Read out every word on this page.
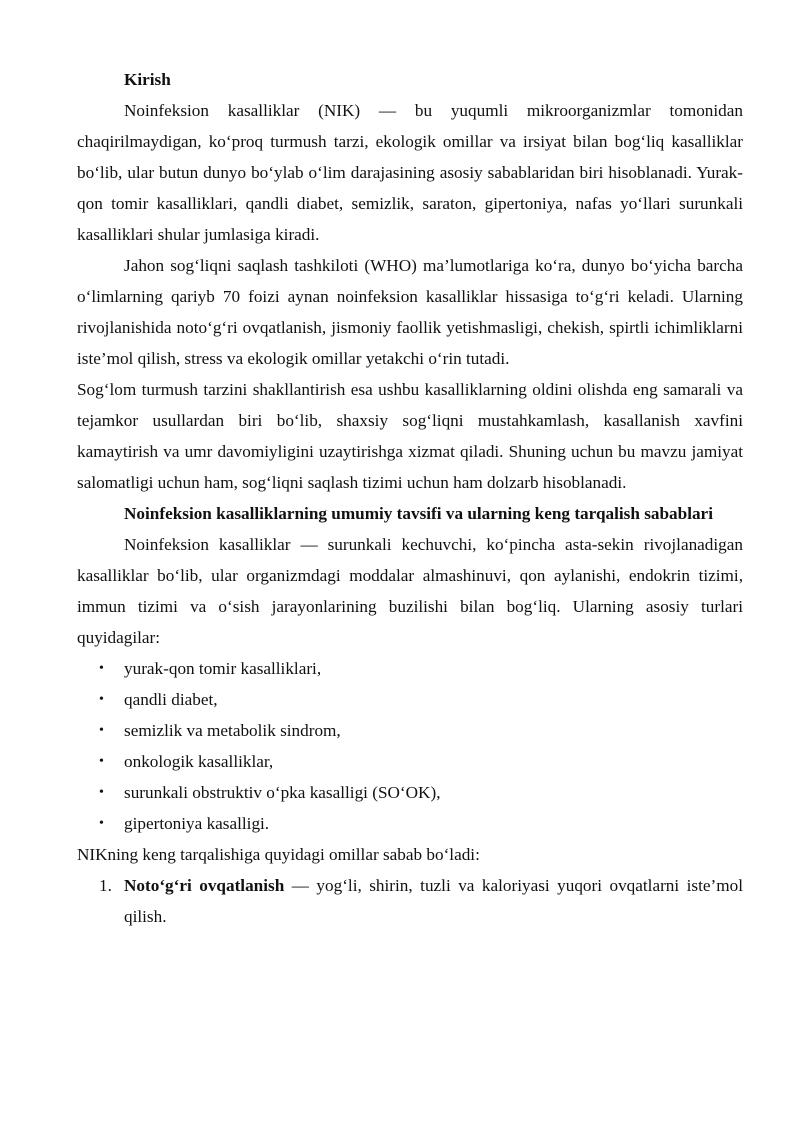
Kirish

Noinfeksion kasalliklar (NIK) — bu yuqumli mikroorganizmlar tomonidan chaqirilmaydigan, ko‘proq turmush tarzi, ekologik omillar va irsiyat bilan bog‘liq kasalliklar bo‘lib, ular butun dunyo bo‘ylab o‘lim darajasining asosiy sabablaridan biri hisoblanadi. Yurak-qon tomir kasalliklari, qandli diabet, semizlik, saraton, gipertoniya, nafas yo‘llari surunkali kasalliklari shular jumlasiga kiradi.

Jahon sog‘liqni saqlash tashkiloti (WHO) ma’lumotlariga ko‘ra, dunyo bo‘yicha barcha o‘limlarning qariyb 70 foizi aynan noinfeksion kasalliklar hissasiga to‘g‘ri keladi. Ularning rivojlanishida noto‘g‘ri ovqatlanish, jismoniy faollik yetishmasligi, chekish, spirtli ichimliklarni iste’mol qilish, stress va ekologik omillar yetakchi o‘rin tutadi.

Sog‘lom turmush tarzini shakllantirish esa ushbu kasalliklarning oldini olishda eng samarali va tejamkor usullardan biri bo‘lib, shaxsiy sog‘liqni mustahkamlash, kasallanish xavfini kamaytirish va umr davomiyligini uzaytirishga xizmat qiladi. Shuning uchun bu mavzu jamiyat salomatligi uchun ham, sog‘liqni saqlash tizimi uchun ham dolzarb hisoblanadi.

Noinfeksion kasalliklarning umumiy tavsifi va ularning keng tarqalish sabablari

Noinfeksion kasalliklar — surunkali kechuvchi, ko‘pincha asta-sekin rivojlanadigan kasalliklar bo‘lib, ular organizmdagi moddalar almashinuvi, qon aylanishi, endokrin tizimi, immun tizimi va o‘sish jarayonlarining buzilishi bilan bog‘liq. Ularning asosiy turlari quyidagilar:

• yurak-qon tomir kasalliklari,
• qandli diabet,
• semizlik va metabolik sindrom,
• onkologik kasalliklar,
• surunkali obstruktiv o‘pka kasalligi (SO‘OK),
• gipertoniya kasalligi.

NIKning keng tarqalishiga quyidagi omillar sabab bo‘ladi:

1. Noto‘g‘ri ovqatlanish — yog‘li, shirin, tuzli va kaloriyasi yuqori ovqatlarni iste’mol qilish.
